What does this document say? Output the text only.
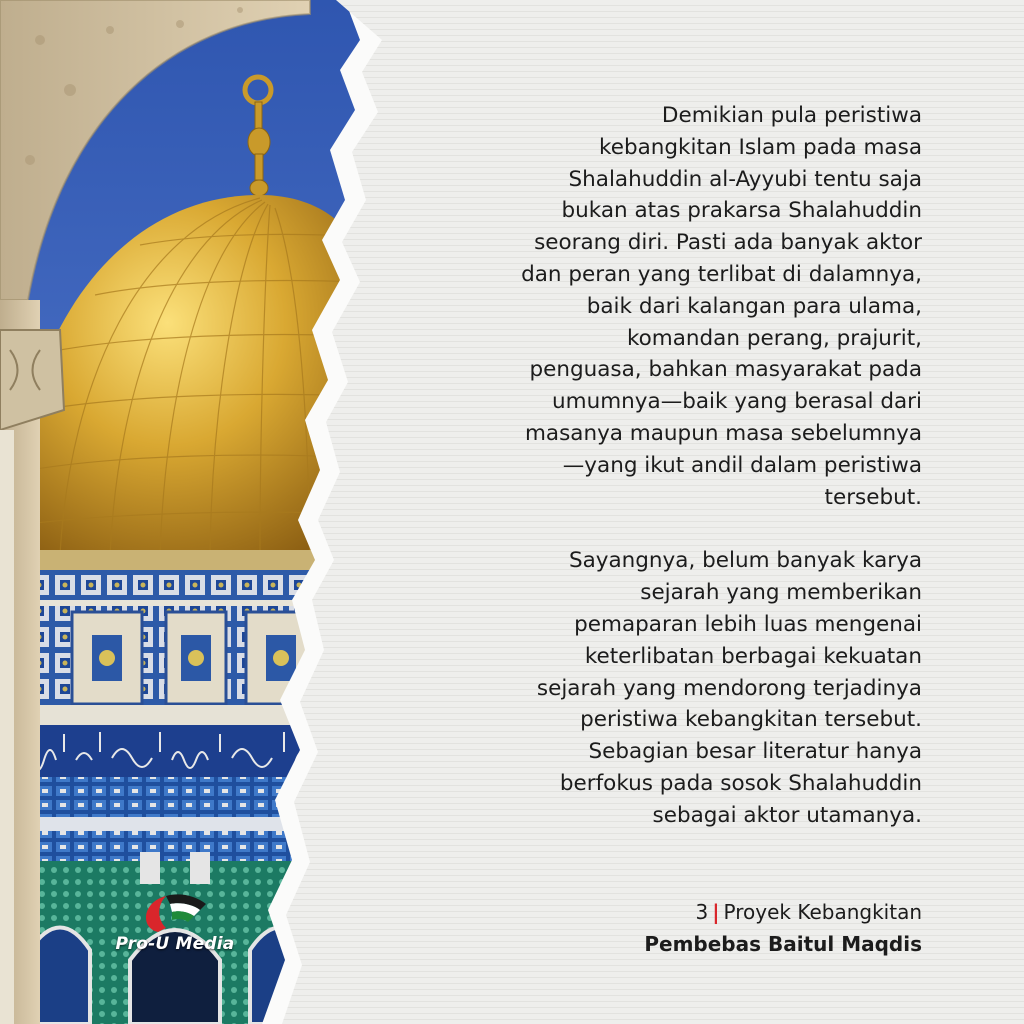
Demikian pula peristiwa
kebangkitan Islam pada masa
Shalahuddin al-Ayyubi tentu saja
bukan atas prakarsa Shalahuddin
seorang diri. Pasti ada banyak aktor
dan peran yang terlibat di dalamnya,
baik dari kalangan para ulama,
komandan perang, prajurit,
penguasa, bahkan masyarakat pada
umumnya—baik yang berasal dari
masanya maupun masa sebelumnya
—yang ikut andil dalam peristiwa
tersebut.

Sayangnya, belum banyak karya
sejarah yang memberikan
pemaparan lebih luas mengenai
keterlibatan berbagai kekuatan
sejarah yang mendorong terjadinya
peristiwa kebangkitan tersebut.
Sebagian besar literatur hanya
berfokus pada sosok Shalahuddin
sebagai aktor utamanya.

3 | Proyek Kebangkitan
Pembebas Baitul Maqdis
Pro-U Media
